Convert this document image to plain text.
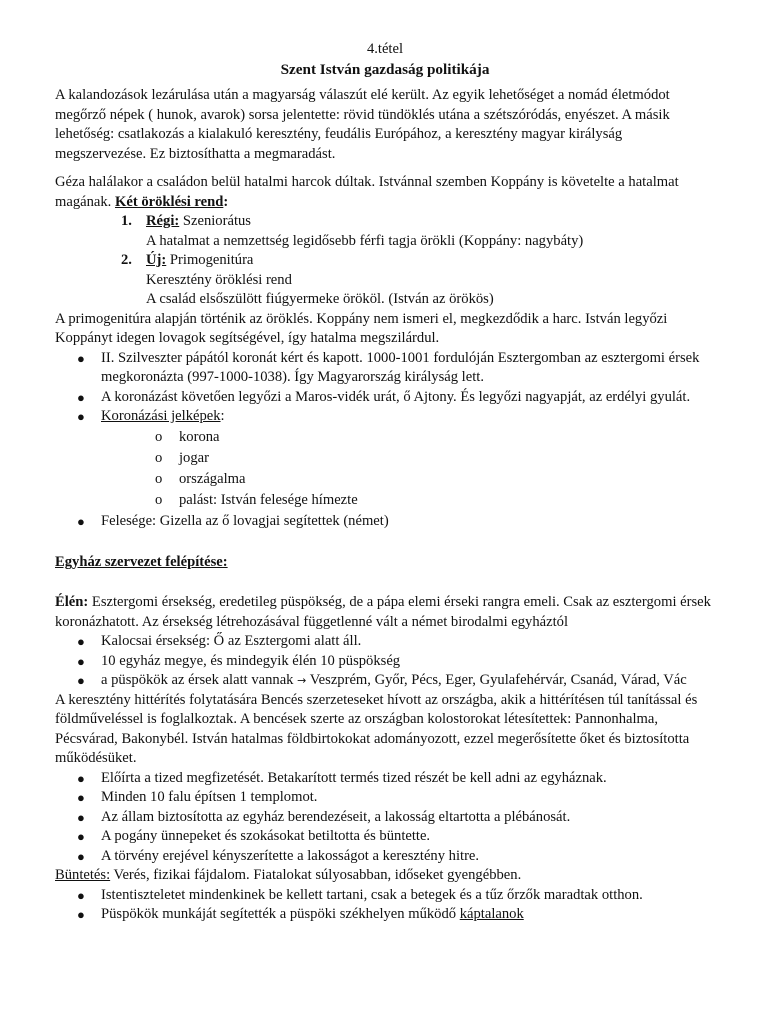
4.tétel

Szent István gazdaság politikája

A kalandozások lezárulása után a magyarság válaszút elé került. Az egyik lehetőséget a nomád életmódot megőrző népek ( hunok, avarok) sorsa jelentette: rövid tündöklés utána a szétszóródás, enyészet. A másik lehetőség: csatlakozás a kialakuló keresztény, feudális Európához, a keresztény magyar királyság megszervezése. Ez biztosíthatta a megmaradást.

Géza halálakor a családon belül hatalmi harcok dúltak. Istvánnal szemben Koppány is követelte a hatalmat magának. Két öröklési rend:

1. Régi: Szeniorátus
A hatalmat a nemzettség legidősebb férfi tagja örökli (Koppány: nagybáty)
2. Új: Primogenitúra
Keresztény öröklési rend
A család elsőszülött fiúgyermeke örököl. (István az örökös)

A primogenitúra alapján történik az öröklés. Koppány nem ismeri el, megkezdődik a harc. István legyőzi Koppányt idegen lovagok segítségével, így hatalma megszilárdul.

● II. Szilveszter pápától koronát kért és kapott. 1000-1001 fordulóján Esztergomban az esztergomi érsek megkoronázta (997-1000-1038). Így Magyarország királyság lett.
● A koronázást követően legyőzi a Maros-vidék urát, ő Ajtony. És legyőzi nagyapját, az erdélyi gyulát.
● Koronázási jelképek:
o korona
o jogar
o országalma
o palást: István felesége hímezte
● Felesége: Gizella az ő lovagjai segítettek (német)

Egyház szervezet felépítése:

Élén: Esztergomi érsekség, eredetileg püspökség, de a pápa elemi érseki rangra emeli. Csak az esztergomi érsek koronázhatott. Az érsekség létrehozásával függetlenné vált a német birodalmi egyháztól

● Kalocsai érsekség: Ő az Esztergomi alatt áll.
● 10 egyház megye, és mindegyik élén 10 püspökség
● a püspökök az érsek alatt vannak → Veszprém, Győr, Pécs, Eger, Gyulafehérvár, Csanád, Várad, Vác

A keresztény hittérítés folytatására Bencés szerzeteseket hívott az országba, akik a hittérítésen túl tanítással és földműveléssel is foglalkoztak. A bencések szerte az országban kolostorokat létesítettek: Pannonhalma, Pécsvárad, Bakonybél. István hatalmas földbirtokokat adományozott, ezzel megerősítette őket és biztosította működésüket.

● Előírta a tized megfizetését. Betakarított termés tized részét be kell adni az egyháznak.
● Minden 10 falu építsen 1 templomot.
● Az állam biztosította az egyház berendezéseit, a lakosság eltartotta a plébánosát.
● A pogány ünnepeket és szokásokat betiltotta és büntette.
● A törvény erejével kényszerítette a lakosságot a keresztény hitre.

Büntetés: Verés, fizikai fájdalom. Fiatalokat súlyosabban, időseket gyengébben.

● Istentiszteletet mindenkinek be kellett tartani, csak a betegek és a tűz őrzők maradtak otthon.
● Püspökök munkáját segítették a püspöki székhelyen működő káptalanok
